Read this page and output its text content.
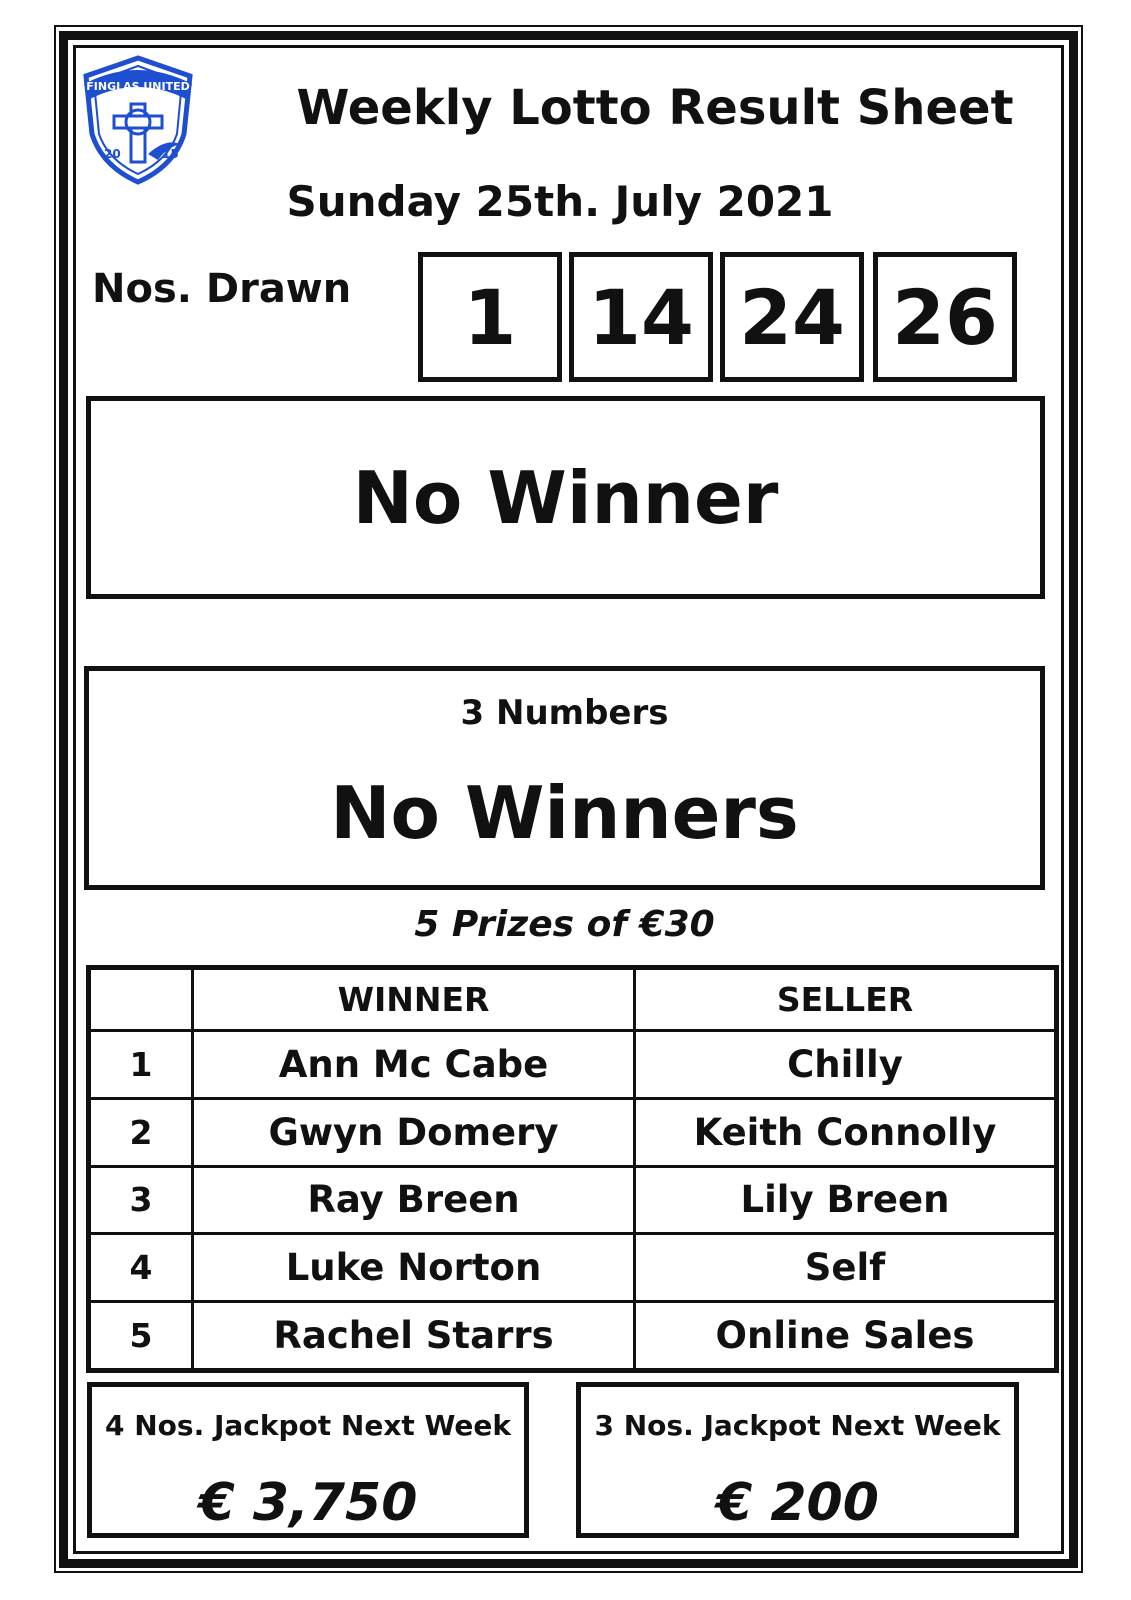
FINGLAS UNITED
20	15
Weekly Lotto Result Sheet
Sunday 25th. July 2021
Nos. Drawn	1 14 24 26
No Winner
3 Numbers
No Winners
5 Prizes of €30
	WINNER	SELLER
1	Ann Mc Cabe	Chilly
2	Gwyn Domery	Keith Connolly
3	Ray Breen	Lily Breen
4	Luke Norton	Self
5	Rachel Starrs	Online Sales
4 Nos. Jackpot Next Week
€ 3,750
3 Nos. Jackpot Next Week
€ 200
